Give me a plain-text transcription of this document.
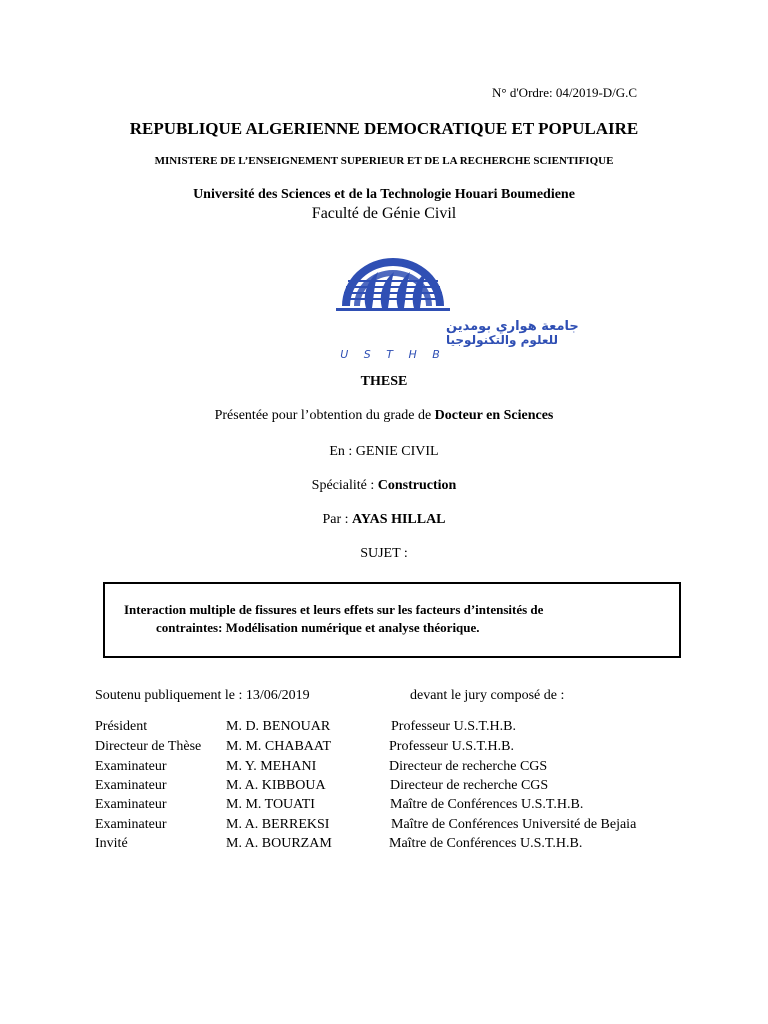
N° d'Ordre: 04/2019-D/G.C
REPUBLIQUE ALGERIENNE DEMOCRATIQUE ET POPULAIRE
MINISTERE DE L’ENSEIGNEMENT SUPERIEUR ET DE LA RECHERCHE SCIENTIFIQUE
Université des Sciences et de la Technologie Houari Boumediene
Faculté de Génie Civil
جامعة هواري بومدين
للعلوم والتكنولوجيا
U S T H B
THESE
Présentée pour l’obtention du grade de Docteur en Sciences
En : GENIE CIVIL
Spécialité : Construction
Par : AYAS HILLAL
SUJET :
Interaction multiple de fissures et leurs effets sur les facteurs d’intensités de
contraintes: Modélisation numérique et analyse théorique.
Soutenu publiquement le : 13/06/2019	devant le jury composé de :
Président	M. D. BENOUAR	Professeur U.S.T.H.B.
Directeur de Thèse M. M. CHABAAT	Professeur U.S.T.H.B.
Examinateur	M. Y. MEHANI	Directeur de recherche CGS
Examinateur	M. A. KIBBOUA	Directeur de recherche CGS
Examinateur	M. M. TOUATI	Maître de Conférences U.S.T.H.B.
Examinateur	M. A. BERREKSI	Maître de Conférences Université de Bejaia
Invité	M. A. BOURZAM	Maître de Conférences U.S.T.H.B.
